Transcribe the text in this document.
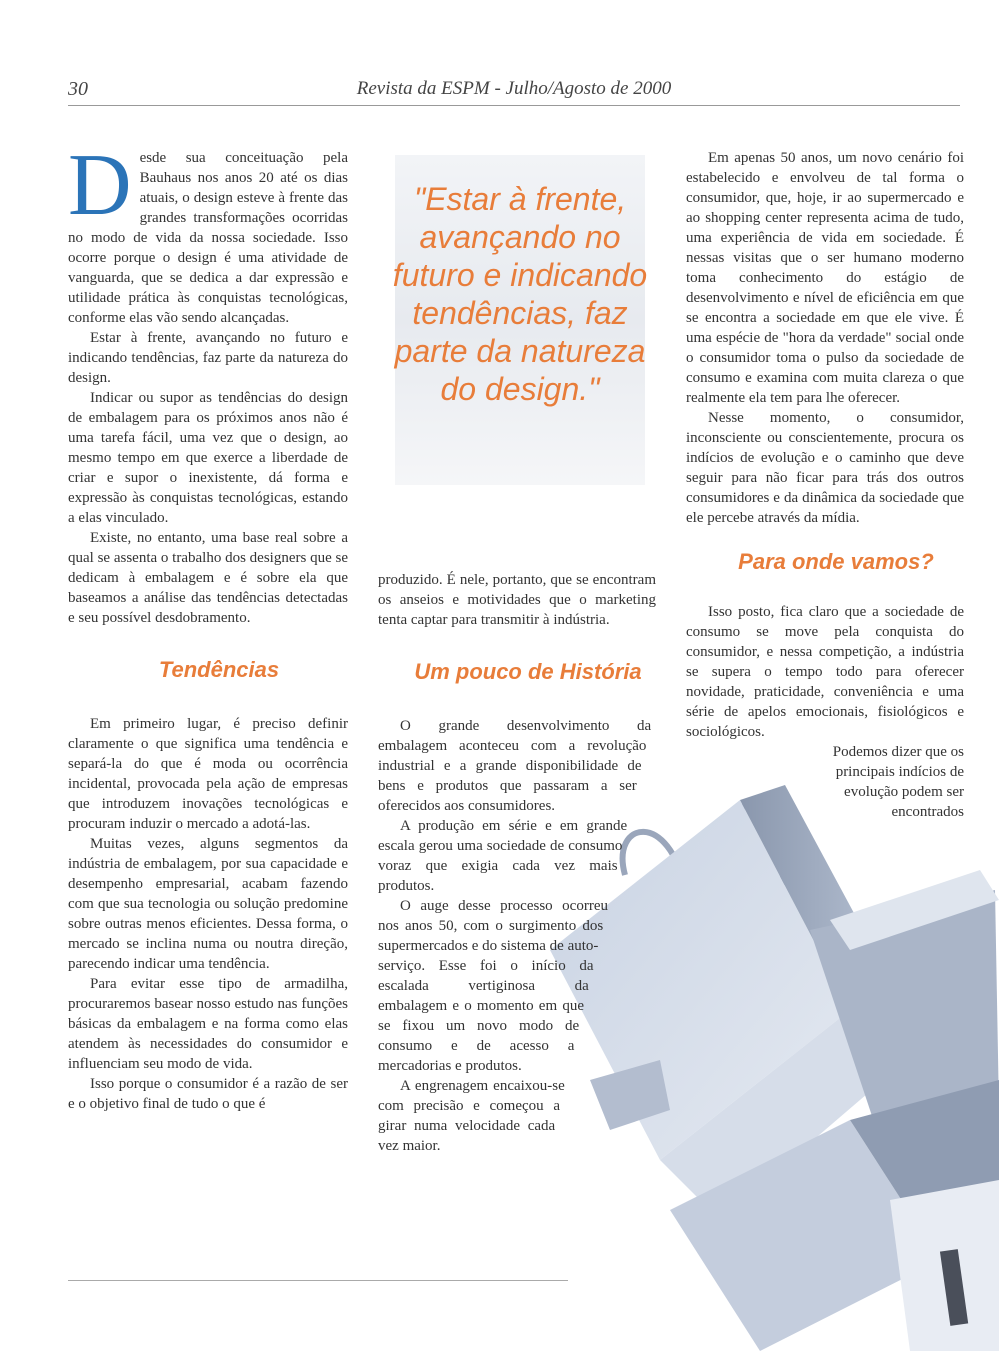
30	Revista da ESPM - Julho/Agosto de 2000
"Estar à frente, avançando no futuro e indicando tendências, faz parte da natureza do design."

Desde sua conceituação pela Bauhaus nos anos 20 até os dias atuais, o design esteve à frente das grandes transformações ocorridas no modo de vida da nossa sociedade. Isso ocorre porque o design é uma atividade de vanguarda, que se dedica a dar expressão e utilidade prática às conquistas tecnológicas, conforme elas vão sendo alcançadas.

Estar à frente, avançando no futuro e indicando tendências, faz parte da natureza do design.

Indicar ou supor as tendências do design de embalagem para os próximos anos não é uma tarefa fácil, uma vez que o design, ao mesmo tempo em que exerce a liberdade de criar e supor o inexistente, dá forma e expressão às conquistas tecnológicas, estando a elas vinculado.

Existe, no entanto, uma base real sobre a qual se assenta o trabalho dos designers que se dedicam à embalagem e é sobre ela que baseamos a análise das tendências detectadas e seu possível desdobramento.

Tendências

Em primeiro lugar, é preciso definir claramente o que significa uma tendência e separá-la do que é moda ou ocorrência incidental, provocada pela ação de empresas que introduzem inovações tecnológicas e procuram induzir o mercado a adotá-las.

Muitas vezes, alguns segmentos da indústria de embalagem, por sua capacidade e desempenho empresarial, acabam fazendo com que sua tecnologia ou solução predomine sobre outras menos eficientes. Dessa forma, o mercado se inclina numa ou noutra direção, parecendo indicar uma tendência.

Para evitar esse tipo de armadilha, procuraremos basear nosso estudo nas funções básicas da embalagem e na forma como elas atendem às necessidades do consumidor e influenciam seu modo de vida.

Isso porque o consumidor é a razão de ser e o objetivo final de tudo o que é

produzido. É nele, portanto, que se encontram os anseios e motividades que o marketing tenta captar para transmitir à indústria.

Um pouco de História

O grande desenvolvimento da embalagem aconteceu com a revolução industrial e a grande disponibilidade de bens e produtos que passaram a ser oferecidos aos consumidores.

A produção em série e em grande escala gerou uma sociedade de consumo voraz que exigia cada vez mais produtos.

O auge desse processo ocorreu nos anos 50, com o surgimento dos supermercados e do sistema de auto-serviço. Esse foi o início da escalada vertiginosa da embalagem e o momento em que se fixou um novo modo de consumo e de acesso a mercadorias e produtos.

A engrenagem encaixou-se com precisão e começou a girar numa velocidade cada vez maior.

Em apenas 50 anos, um novo cenário foi estabelecido e envolveu de tal forma o consumidor, que, hoje, ir ao supermercado e ao shopping center representa acima de tudo, uma experiência de vida em sociedade. É nessas visitas que o ser humano moderno toma conhecimento do estágio de desenvolvimento e nível de eficiência em que se encontra a sociedade em que ele vive. É uma espécie de "hora da verdade" social onde o consumidor toma o pulso da sociedade de consumo e examina com muita clareza o que realmente ela tem para lhe oferecer.

Nesse momento, o consumidor, inconsciente ou conscientemente, procura os indícios de evolução e o caminho que deve seguir para não ficar para trás dos outros consumidores e da dinâmica da sociedade que ele percebe através da mídia.

Para onde vamos?

Isso posto, fica claro que a sociedade de consumo se move pela conquista do consumidor, e nessa competição, a indústria se supera o tempo todo para oferecer novidade, praticidade, conveniência e uma série de apelos emocionais, fisiológicos e sociológicos.

Podemos dizer que os principais indícios de evolução podem ser encontrados
